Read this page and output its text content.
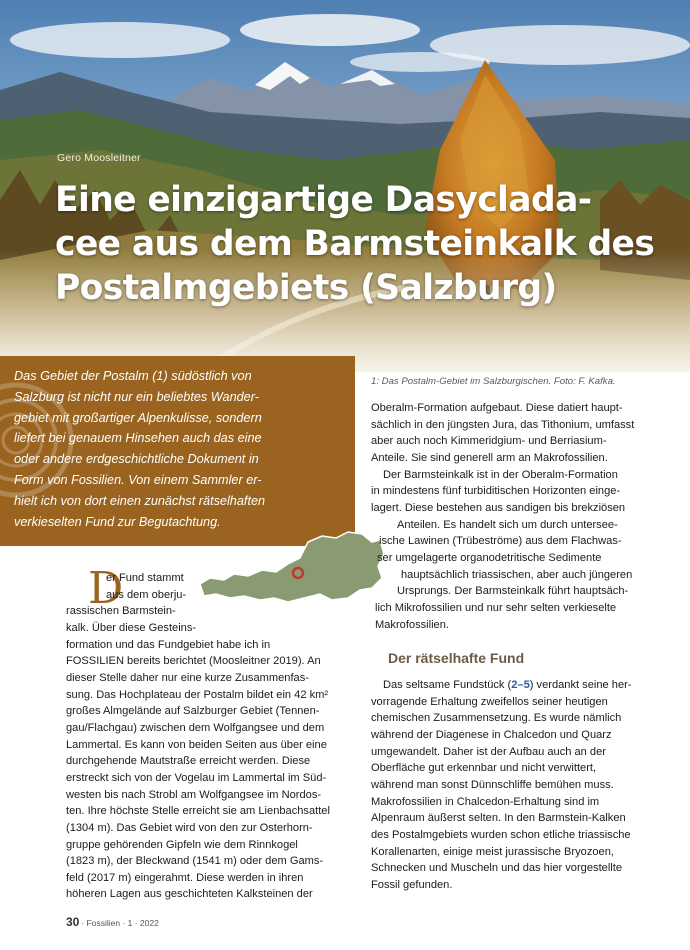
Gero Moosleitner
Eine einzigartige Dasyclada-
cee aus dem Barmsteinkalk des
Postalmgebiets (Salzburg)
Das Gebiet der Postalm (1) südöstlich von
Salzburg ist nicht nur ein beliebtes Wander-
gebiet mit großartiger Alpenkulisse, sondern
liefert bei genauem Hinsehen auch das eine
oder andere erdgeschichtliche Dokument in
Form von Fossilien. Von einem Sammler er-
hielt ich von dort einen zunächst rätselhaften
verkieselten Fund zur Begutachtung.
1: Das Postalm-Gebiet im Salzburgischen. Foto: F. Kafka.
D
er Fund stammt
aus dem oberju-
rassischen Barmstein-
kalk. Über diese Gesteins-
formation und das Fundgebiet habe ich in
FOSSILIEN bereits berichtet (Moosleitner 2019). An
dieser Stelle daher nur eine kurze Zusammenfas-
sung. Das Hochplateau der Postalm bildet ein 42 km²
großes Almgelände auf Salzburger Gebiet (Tennen-
gau/Flachgau) zwischen dem Wolfgangsee und dem
Lammertal. Es kann von beiden Seiten aus über eine
durchgehende Mautstraße erreicht werden. Diese
erstreckt sich von der Vogelau im Lammertal im Süd-
westen bis nach Strobl am Wolfgangsee im Nordos-
ten. Ihre höchste Stelle erreicht sie am Lienbachsattel
(1304 m). Das Gebiet wird von den zur Osterhorn-
gruppe gehörenden Gipfeln wie dem Rinnkogel
(1823 m), der Bleckwand (1541 m) oder dem Gams-
feld (2017 m) eingerahmt. Diese werden in ihren
höheren Lagen aus geschichteten Kalksteinen der
Oberalm-Formation aufgebaut. Diese datiert haupt-
sächlich in den jüngsten Jura, das Tithonium, umfasst
aber auch noch Kimmeridgium- und Berriasium-
Anteile. Sie sind generell arm an Makrofossilien.
Der Barmsteinkalk ist in der Oberalm-Formation
in mindestens fünf turbiditischen Horizonten einge-
lagert. Diese bestehen aus sandigen bis brekziösen
Anteilen. Es handelt sich um durch untersee-
ische Lawinen (Trübeströme) aus dem Flachwas-
ser umgelagerte organodetritische Sedimente
hauptsächlich triassischen, aber auch jüngeren
Ursprungs. Der Barmsteinkalk führt hauptsäch-
lich Mikrofossilien und nur sehr selten verkieselte
Makrofossilien.
Der rätselhafte Fund
Das seltsame Fundstück (2–5) verdankt seine her-
vorragende Erhaltung zweifellos seiner heutigen
chemischen Zusammensetzung. Es wurde nämlich
während der Diagenese in Chalcedon und Quarz
umgewandelt. Daher ist der Aufbau auch an der
Oberfläche gut erkennbar und nicht verwittert,
während man sonst Dünnschliffe bemühen muss.
Makrofossilien in Chalcedon-Erhaltung sind im
Alpenraum äußerst selten. In den Barmstein-Kalken
des Postalmgebiets wurden schon etliche triassische
Korallenarten, einige meist jurassische Bryozoen,
Schnecken und Muscheln und das hier vorgestellte
Fossil gefunden.
30 · Fossilien · 1 · 2022
